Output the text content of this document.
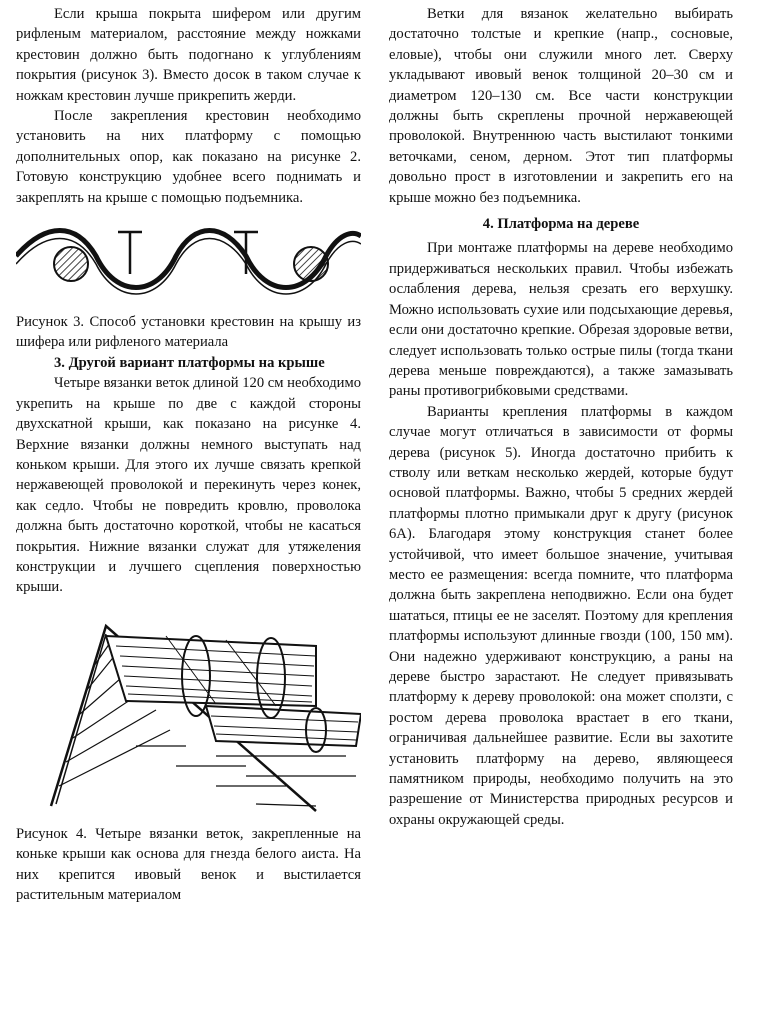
Если крыша покрыта шифером или другим рифленым материалом, расстояние между ножками крестовин должно быть подогнано к углублениям покрытия (рисунок 3). Вместо досок в таком случае к ножкам крестовин лучше прикрепить жерди.

После закрепления крестовин необходимо установить на них платформу с помощью дополнительных опор, как показано на рисунке 2. Готовую конструкцию удобнее всего поднимать и закреплять на крыше с помощью подъемника.

Рисунок 3. Способ установки крестовин на крышу из шифера или рифленого материала

3. Другой вариант платформы на крыше

Четыре вязанки веток длиной 120 см необходимо укрепить на крыше по две с каждой стороны двухскатной крыши, как показано на рисунке 4. Верхние вязанки должны немного выступать над коньком крыши. Для этого их лучше связать крепкой нержавеющей проволокой и перекинуть через конек, как седло. Чтобы не повредить кровлю, проволока должна быть достаточно короткой, чтобы не касаться покрытия. Нижние вязанки служат для утяжеления конструкции и лучшего сцепления поверхностью крыши.

Рисунок 4. Четыре вязанки веток, закрепленные на коньке крыши как основа для гнезда белого аиста. На них крепится ивовый венок и выстилается растительным материалом

Ветки для вязанок желательно выбирать достаточно толстые и крепкие (напр., сосновые, еловые), чтобы они служили много лет. Сверху укладывают ивовый венок толщиной 20–30 см и диаметром 120–130 см. Все части конструкции должны быть скреплены прочной нержавеющей проволокой. Внутреннюю часть выстилают тонкими веточками, сеном, дерном. Этот тип платформы довольно прост в изготовлении и закрепить его на крыше можно без подъемника.

4. Платформа на дереве

При монтаже платформы на дереве необходимо придерживаться нескольких правил. Чтобы избежать ослабления дерева, нельзя срезать его верхушку. Можно использовать сухие или подсыхающие деревья, если они достаточно крепкие. Обрезая здоровые ветви, следует использовать только острые пилы (тогда ткани дерева меньше повреждаются), а также замазывать раны противогрибковыми средствами.

Варианты крепления платформы в каждом случае могут отличаться в зависимости от формы дерева (рисунок 5). Иногда достаточно прибить к стволу или веткам несколько жердей, которые будут основой платформы. Важно, чтобы 5 средних жердей платформы плотно примыкали друг к другу (рисунок 6А). Благодаря этому конструкция станет более устойчивой, что имеет большое значение, учитывая место ее размещения: всегда помните, что платформа должна быть закреплена неподвижно. Если она будет шататься, птицы ее не заселят. Поэтому для крепления платформы используют длинные гвозди (100, 150 мм). Они надежно удерживают конструкцию, а раны на дереве быстро зарастают. Не следует привязывать платформу к дереву проволокой: она может сползти, с ростом дерева проволока врастает в его ткани, ограничивая дальнейшее развитие. Если вы захотите установить платформу на дерево, являющееся памятником природы, необходимо получить на это разрешение от Министерства природных ресурсов и охраны окружающей среды.
